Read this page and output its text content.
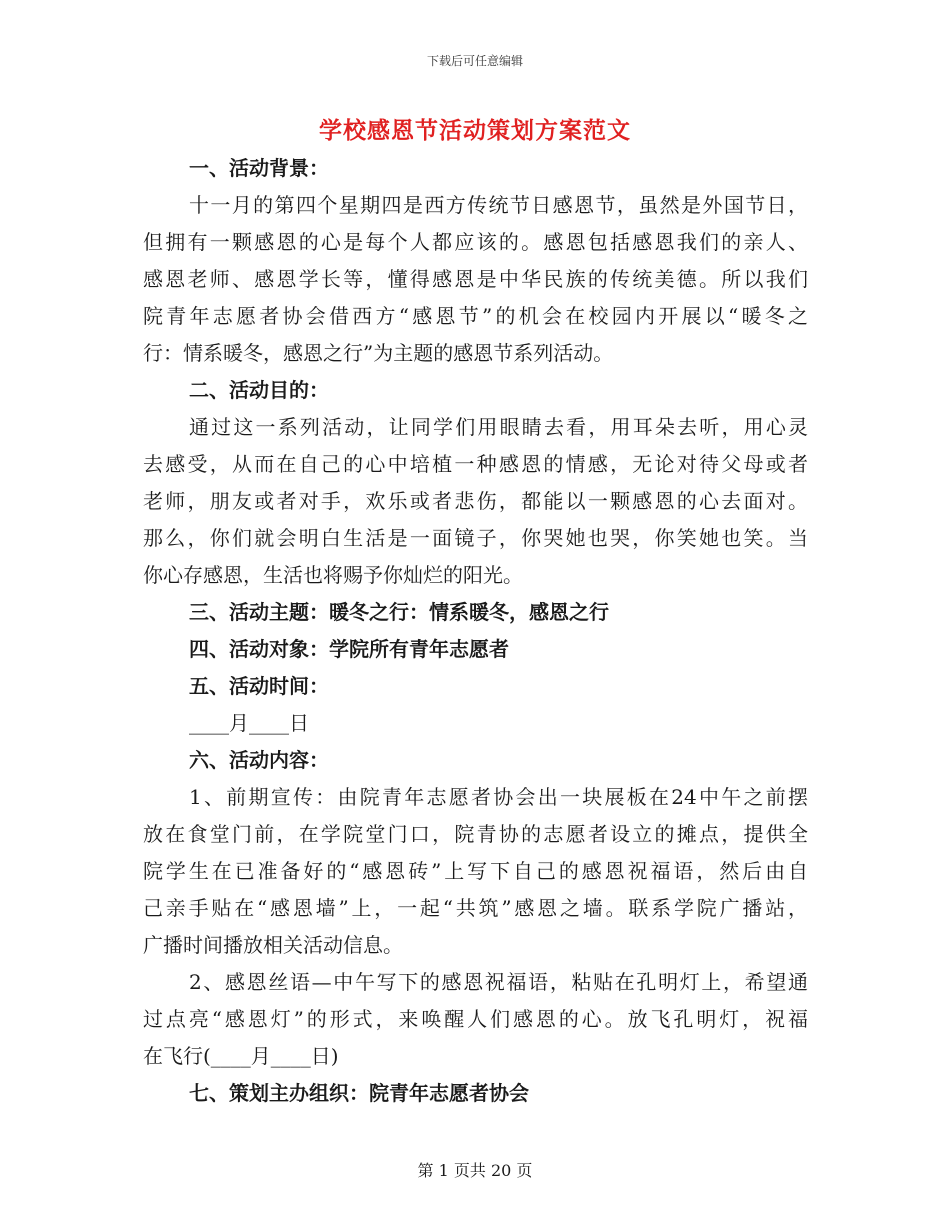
下载后可任意编辑
学校感恩节活动策划方案范文
一、活动背景：
十一月的第四个星期四是西方传统节日感恩节，虽然是外国节日，
但拥有一颗感恩的心是每个人都应该的。感恩包括感恩我们的亲人、
感恩老师、感恩学长等，懂得感恩是中华民族的传统美德。所以我们
院青年志愿者协会借西方“感恩节”的机会在校园内开展以“暖冬之
行：情系暖冬，感恩之行”为主题的感恩节系列活动。
二、活动目的：
通过这一系列活动，让同学们用眼睛去看，用耳朵去听，用心灵
去感受，从而在自己的心中培植一种感恩的情感，无论对待父母或者
老师，朋友或者对手，欢乐或者悲伤，都能以一颗感恩的心去面对。
那么，你们就会明白生活是一面镜子，你哭她也哭，你笑她也笑。当
你心存感恩，生活也将赐予你灿烂的阳光。
三、活动主题：暖冬之行：情系暖冬，感恩之行
四、活动对象：学院所有青年志愿者
五、活动时间：
____月____日
六、活动内容：
1、前期宣传：由院青年志愿者协会出一块展板在24中午之前摆
放在食堂门前，在学院堂门口，院青协的志愿者设立的摊点，提供全
院学生在已准备好的“感恩砖”上写下自己的感恩祝福语，然后由自
己亲手贴在“感恩墙”上，一起“共筑”感恩之墙。联系学院广播站，
广播时间播放相关活动信息。
2、感恩丝语—中午写下的感恩祝福语，粘贴在孔明灯上，希望通
过点亮“感恩灯”的形式，来唤醒人们感恩的心。放飞孔明灯，祝福
在飞行(____月____日)
七、策划主办组织：院青年志愿者协会
第 1 页共 20 页
